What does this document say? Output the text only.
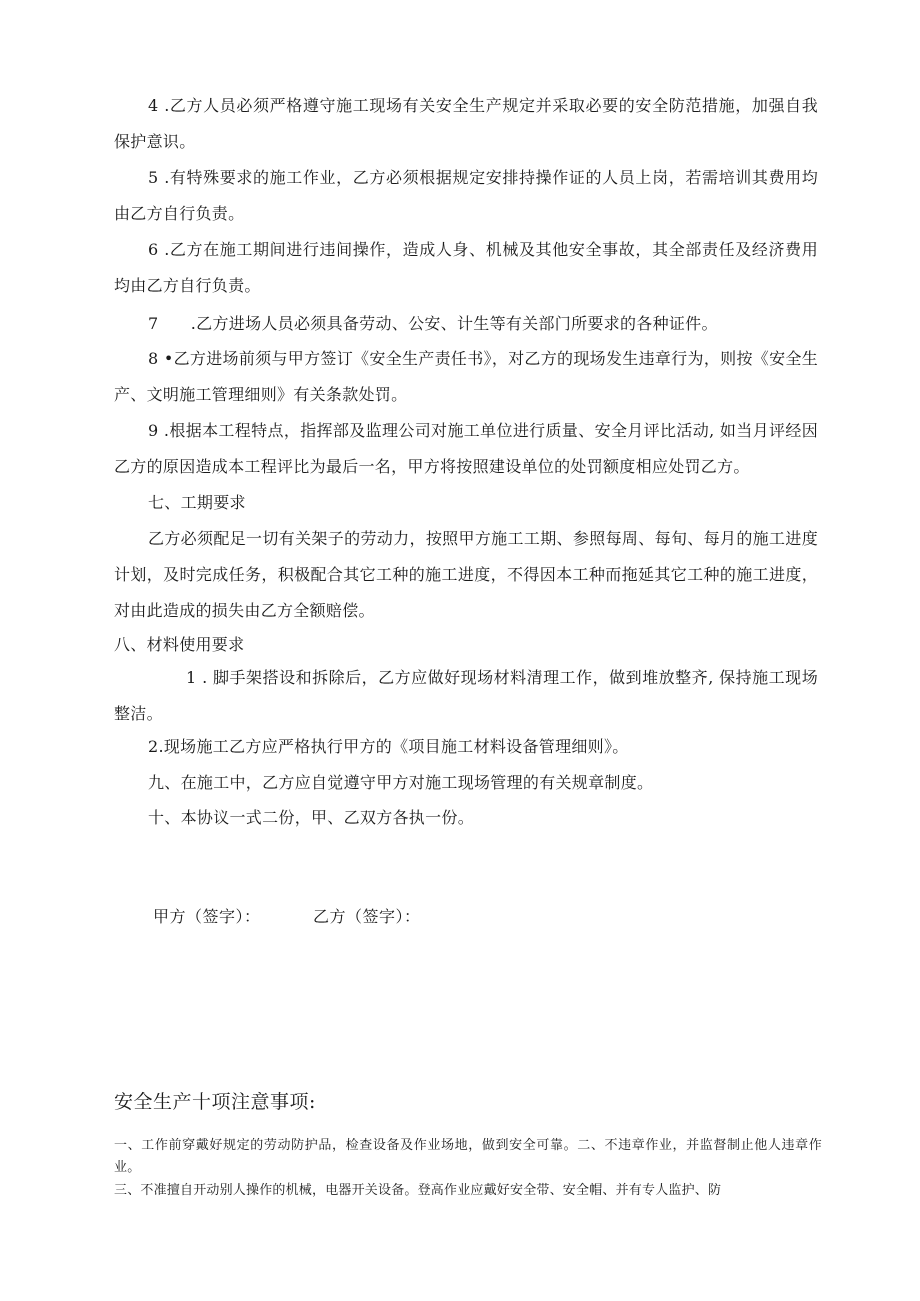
4 .乙方人员必须严格遵守施工现场有关安全生产规定并采取必要的安全防范措施，加强自我保护意识。

5 .有特殊要求的施工作业，乙方必须根据规定安排持操作证的人员上岗，若需培训其费用均由乙方自行负责。

6 .乙方在施工期间进行违间操作，造成人身、机械及其他安全事故，其全部责任及经济费用均由乙方自行负责。

7      .乙方进场人员必须具备劳动、公安、计生等有关部门所要求的各种证件。

8 •乙方进场前须与甲方签订《安全生产责任书》，对乙方的现场发生违章行为，则按《安全生产、文明施工管理细则》有关条款处罚。

9 .根据本工程特点，指挥部及监理公司对施工单位进行质量、安全月评比活动, 如当月评经因乙方的原因造成本工程评比为最后一名，甲方将按照建设单位的处罚额度相应处罚乙方。

七、工期要求

乙方必须配足一切有关架子的劳动力，按照甲方施工工期、参照每周、每旬、每月的施工进度计划，及时完成任务，积极配合其它工种的施工进度，不得因本工种而拖延其它工种的施工进度，对由此造成的损失由乙方全额赔偿。

八、材料使用要求

1 . 脚手架搭设和拆除后，乙方应做好现场材料清理工作，做到堆放整齐, 保持施工现场整洁。

2.现场施工乙方应严格执行甲方的《项目施工材料设备管理细则》。

九、在施工中，乙方应自觉遵守甲方对施工现场管理的有关规章制度。

十、本协议一式二份，甲、乙双方各执一份。

甲方（签字）：	乙方（签字）：
安全生产十项注意事项:

一、工作前穿戴好规定的劳动防护品，检查设备及作业场地，做到安全可靠。二、不违章作业，并监督制止他人违章作业。

三、不准擅自开动别人操作的机械，电器开关设备。登高作业应戴好安全带、安全帽、并有专人监护、防
